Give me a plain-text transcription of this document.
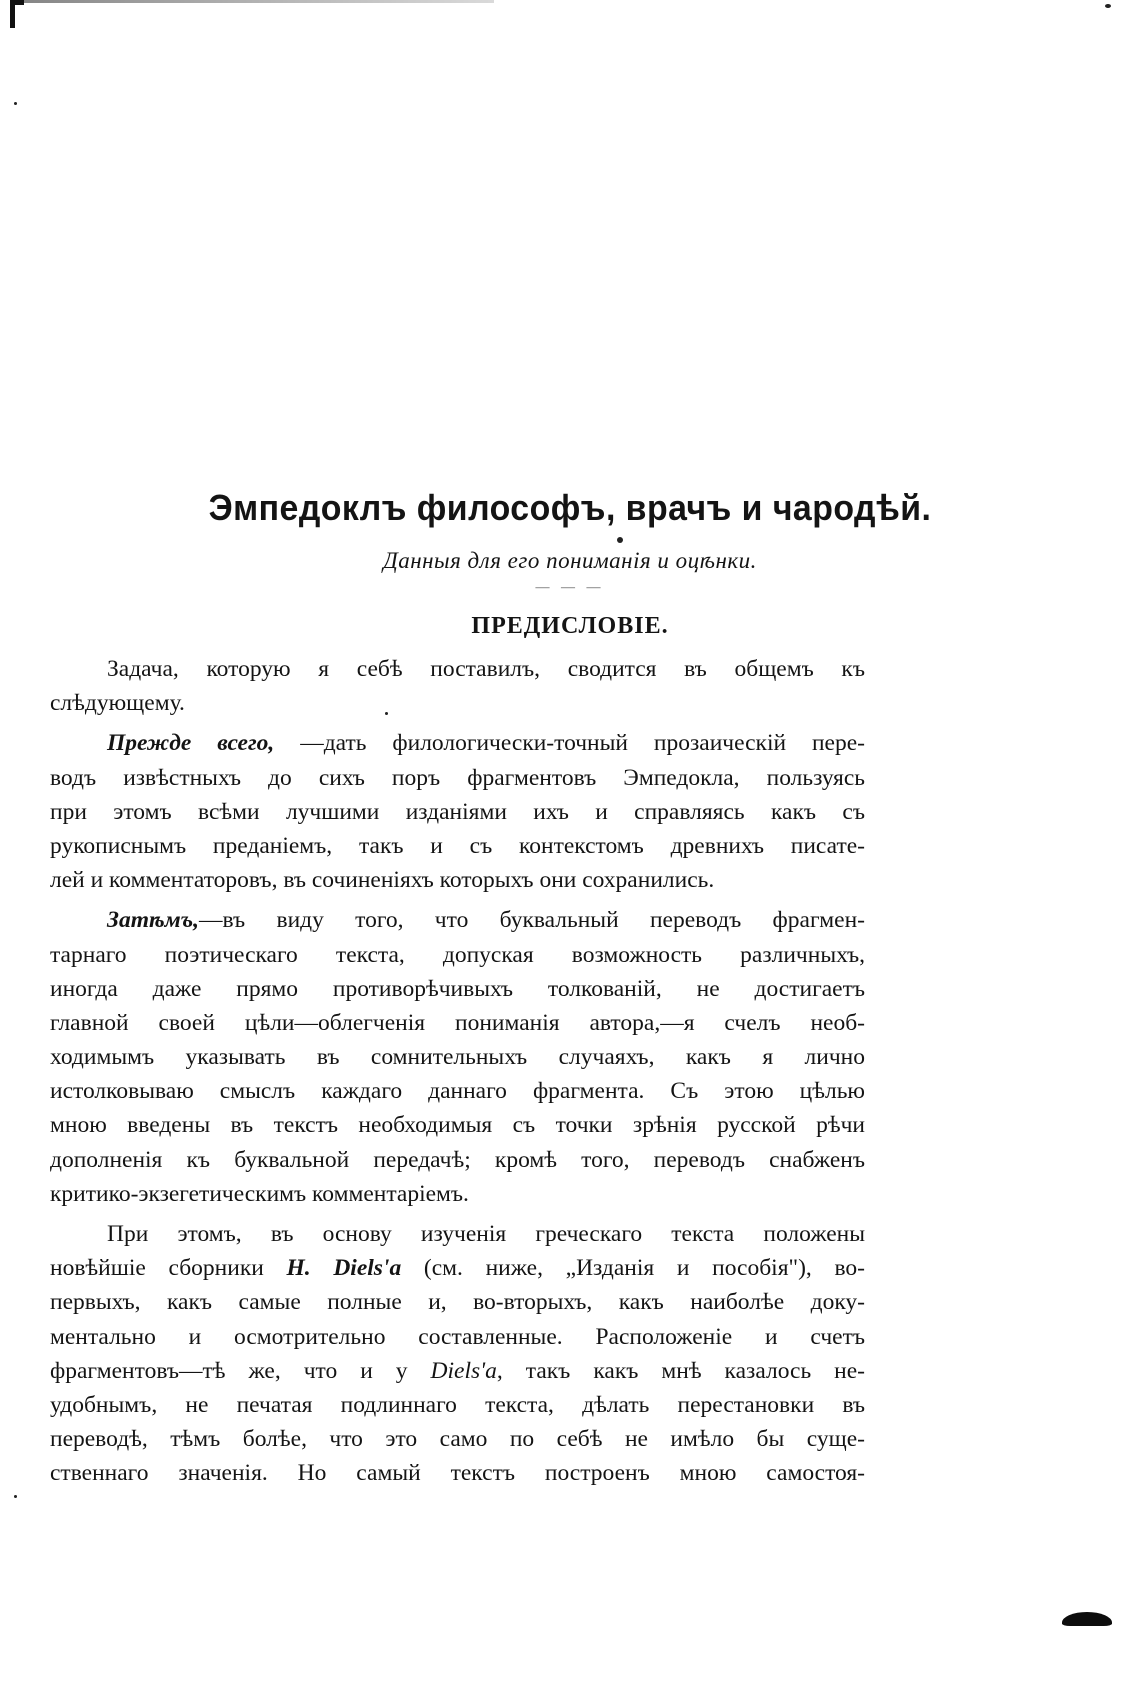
Эмпедоклъ философъ, врачъ и чародѣй.

Данныя для его пониманія и оцѣнки.

— — —

ПРЕДИСЛОВІЕ.
Задача, которую я себѣ поставилъ, сводится въ общемъ къ
слѣдующему.
Прежде всего, —дать филологически-точный прозаическій пере-
водъ извѣстныхъ до сихъ поръ фрагментовъ Эмпедокла, пользуясь
при этомъ всѣми лучшими изданіями ихъ и справляясь какъ съ
рукописнымъ преданіемъ, такъ и съ контекстомъ древнихъ писате-
лей и комментаторовъ, въ сочиненіяхъ которыхъ они сохранились.
Затѣмъ,—въ виду того, что буквальный переводъ фрагмен-
тарнаго поэтическаго текста, допуская возможность различныхъ,
иногда даже прямо противорѣчивыхъ толкованій, не достигаетъ
главной своей цѣли—облегченія пониманія автора,—я счелъ необ-
ходимымъ указывать въ сомнительныхъ случаяхъ, какъ я лично
истолковываю смыслъ каждаго даннаго фрагмента. Съ этою цѣлью
мною введены въ текстъ необходимыя съ точки зрѣнія русской рѣчи
дополненія къ буквальной передачѣ; кромѣ того, переводъ снабженъ
критико-экзегетическимъ комментаріемъ.
При этомъ, въ основу изученія греческаго текста положены
новѣйшіе сборники H. Diels'a (см. ниже, „Изданія и пособія"), во-
первыхъ, какъ самые полные и, во-вторыхъ, какъ наиболѣе доку-
ментально и осмотрительно составленные. Расположеніе и счетъ
фрагментовъ—тѣ же, что и у Diels'a, такъ какъ мнѣ казалось не-
удобнымъ, не печатая подлиннаго текста, дѣлать перестановки въ
переводѣ, тѣмъ болѣе, что это само по себѣ не имѣло бы суще-
ственнаго значенія. Но самый текстъ построенъ мною самостоя-
